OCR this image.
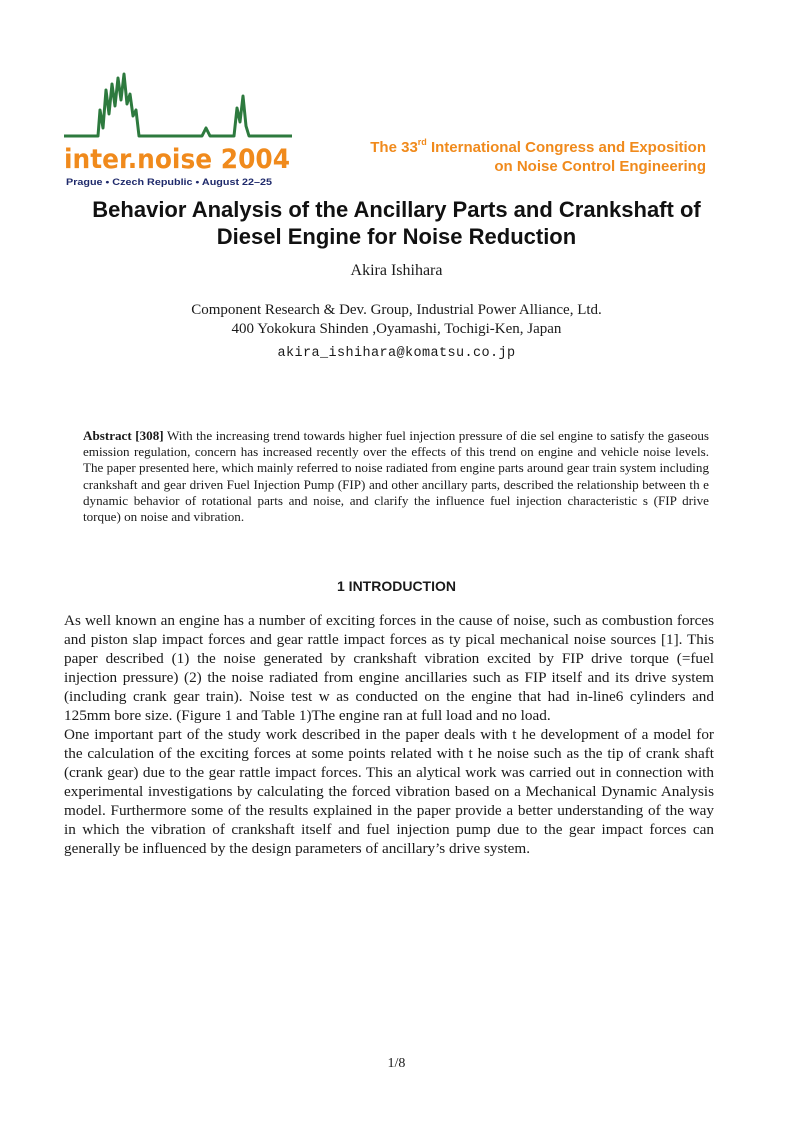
inter.noise 2004
Prague • Czech Republic • August 22–25
The 33rd International Congress and Exposition
on Noise Control Engineering
Behavior Analysis of the Ancillary Parts and Crankshaft of
Diesel Engine for Noise Reduction
Akira Ishihara
Component Research & Dev. Group, Industrial Power Alliance, Ltd.
400 Yokokura Shinden ,Oyamashi, Tochigi-Ken, Japan
akira_ishihara@komatsu.co.jp
Abstract [308] With the increasing trend towards higher fuel injection pressure of die sel engine to satisfy the gaseous emission regulation, concern has increased recently over the effects of this trend on engine and vehicle noise levels. The paper presented here, which mainly referred to noise radiated from engine parts around gear train system including crankshaft and gear driven Fuel Injection Pump (FIP) and other ancillary parts, described the relationship between th e dynamic behavior of rotational parts and noise, and clarify the influence fuel injection characteristic s (FIP drive torque) on noise and vibration.
1 INTRODUCTION

As well known an engine has a number of exciting forces in the cause of noise, such as combustion forces and piston slap impact forces and gear rattle impact forces as ty pical mechanical noise sources [1]. This paper described (1) the noise generated by crankshaft vibration excited by FIP drive torque (=fuel injection pressure) (2) the noise radiated from engine ancillaries such as FIP itself and its drive system (including crank gear train). Noise test w as conducted on the engine that had in-line6 cylinders and 125mm bore size. (Figure 1 and Table 1)The engine ran at full load and no load.

One important part of the study work described in the paper deals with t he development of a model for the calculation of the exciting forces at some points related with t he noise such as the tip of crank shaft (crank gear) due to the gear rattle impact forces. This an alytical work was carried out in connection with experimental investigations by calculating the forced vibration based on a Mechanical Dynamic Analysis model. Furthermore some of the results explained in the paper provide a better understanding of the way in which the vibration of crankshaft itself and fuel injection pump due to the gear impact forces can generally be influenced by the design parameters of ancillary’s drive system.

1/8
